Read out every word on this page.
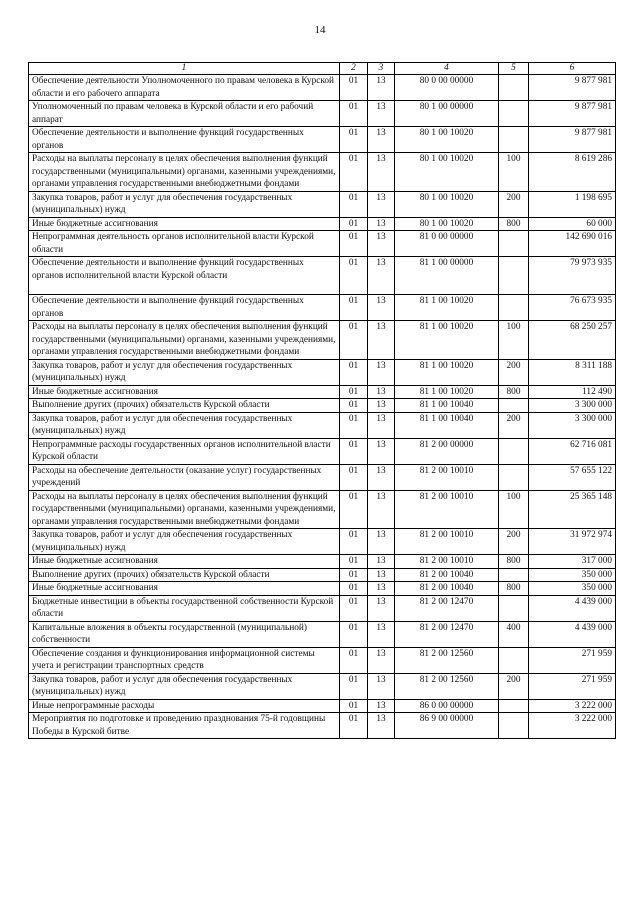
14
1	2	3	4	5	6
Обеспечение деятельности Уполномоченного по правам человека в Курской области и его рабочего аппарата	01	13	80 0 00 00000		9 877 981
Уполномоченный по правам человека в Курской области и его рабочий аппарат	01	13	80 1 00 00000		9 877 981
Обеспечение деятельности и выполнение функций государственных органов	01	13	80 1 00 10020		9 877 981
Расходы на выплаты персоналу в целях обеспечения выполнения функций государственными (муниципальными) органами, казенными учреждениями, органами управления государственными внебюджетными фондами	01	13	80 1 00 10020	100	8 619 286
Закупка товаров, работ и услуг для обеспечения государственных (муниципальных) нужд	01	13	80 1 00 10020	200	1 198 695
Иные бюджетные ассигнования	01	13	80 1 00 10020	800	60 000
Непрограммная деятельность органов исполнительной власти Курской области	01	13	81 0 00 00000		142 690 016
Обеспечение деятельности и выполнение функций государственных органов исполнительной власти Курской области	01	13	81 1 00 00000		79 973 935
Обеспечение деятельности и выполнение функций государственных органов	01	13	81 1 00 10020		76 673 935
Расходы на выплаты персоналу в целях обеспечения выполнения функций государственными (муниципальными) органами, казенными учреждениями, органами управления государственными внебюджетными фондами	01	13	81 1 00 10020	100	68 250 257
Закупка товаров, работ и услуг для обеспечения государственных (муниципальных) нужд	01	13	81 1 00 10020	200	8 311 188
Иные бюджетные ассигнования	01	13	81 1 00 10020	800	112 490
Выполнение других (прочих) обязательств Курской области	01	13	81 1 00 10040		3 300 000
Закупка товаров, работ и услуг для обеспечения государственных (муниципальных) нужд	01	13	81 1 00 10040	200	3 300 000
Непрограммные расходы государственных органов исполнительной власти Курской области	01	13	81 2 00 00000		62 716 081
Расходы на обеспечение деятельности (оказание услуг) государственных учреждений	01	13	81 2 00 10010		57 655 122
Расходы на выплаты персоналу в целях обеспечения выполнения функций государственными (муниципальными) органами, казенными учреждениями, органами управления государственными внебюджетными фондами	01	13	81 2 00 10010	100	25 365 148
Закупка товаров, работ и услуг для обеспечения государственных (муниципальных) нужд	01	13	81 2 00 10010	200	31 972 974
Иные бюджетные ассигнования	01	13	81 2 00 10010	800	317 000
Выполнение других (прочих) обязательств Курской области	01	13	81 2 00 10040		350 000
Иные бюджетные ассигнования	01	13	81 2 00 10040	800	350 000
Бюджетные инвестиции в объекты государственной собственности Курской области	01	13	81 2 00 12470		4 439 000
Капитальные вложения в объекты государственной (муниципальной) собственности	01	13	81 2 00 12470	400	4 439 000
Обеспечение создания и функционирования информационной системы учета и регистрации транспортных средств	01	13	81 2 00 12560		271 959
Закупка товаров, работ и услуг для обеспечения государственных (муниципальных) нужд	01	13	81 2 00 12560	200	271 959
Иные непрограммные расходы	01	13	86 0 00 00000		3 222 000
Мероприятия по подготовке и проведению празднования 75-й годовщины Победы в Курской битве	01	13	86 9 00 00000		3 222 000
